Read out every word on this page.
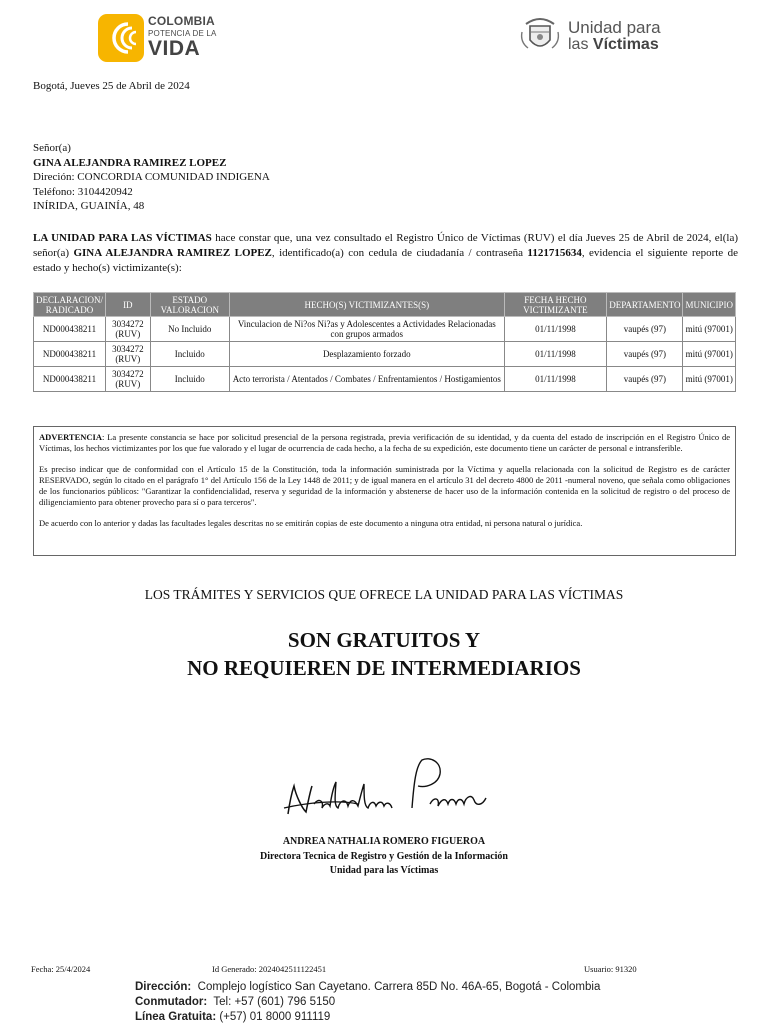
COLOMBIA
POTENCIA DE LA
VIDA
Unidad para
las Víctimas
Bogotá, Jueves 25 de Abril de 2024
Señor(a)
GINA ALEJANDRA RAMIREZ LOPEZ
Direción: CONCORDIA COMUNIDAD INDIGENA
Teléfono: 3104420942
INÍRIDA, GUAINÍA, 48
LA UNIDAD PARA LAS VÍCTIMAS hace constar que, una vez consultado el Registro Único de Víctimas (RUV) el día Jueves 25 de Abril de 2024, el(la) señor(a) GINA ALEJANDRA RAMIREZ LOPEZ, identificado(a) con cedula de ciudadanía / contraseña 1121715634, evidencia el siguiente reporte de estado y hecho(s) victimizante(s):
DECLARACION/ RADICADO	ID	ESTADO VALORACION	HECHO(S) VICTIMIZANTES(S)	FECHA HECHO VICTIMIZANTE	DEPARTAMENTO	MUNICIPIO
ND000438211	3034272 (RUV)	No Incluido	Vinculacion de Ni?os Ni?as y Adolescentes a Actividades Relacionadas con grupos armados	01/11/1998	vaupés (97)	mitú (97001)
ND000438211	3034272 (RUV)	Incluido	Desplazamiento forzado	01/11/1998	vaupés (97)	mitú (97001)
ND000438211	3034272 (RUV)	Incluido	Acto terrorista / Atentados / Combates / Enfrentamientos / Hostigamientos	01/11/1998	vaupés (97)	mitú (97001)

ADVERTENCIA: La presente constancia se hace por solicitud presencial de la persona registrada, previa verificación de su identidad, y da cuenta del estado de inscripción en el Registro Único de Víctimas, los hechos victimizantes por los que fue valorado y el lugar de ocurrencia de cada hecho, a la fecha de su expedición, este documento tiene un carácter de personal e intransferible.

Es preciso indicar que de conformidad con el Artículo 15 de la Constitución, toda la información suministrada por la Víctima y aquella relacionada con la solicitud de Registro es de carácter RESERVADO, según lo citado en el parágrafo 1° del Artículo 156 de la Ley 1448 de 2011; y de igual manera en el artículo 31 del decreto 4800 de 2011 -numeral noveno, que señala como obligaciones de los funcionarios públicos: "Garantizar la confidencialidad, reserva y seguridad de la información y abstenerse de hacer uso de la información contenida en la solicitud de registro o del proceso de diligenciamiento para obtener provecho para sí o para terceros".

De acuerdo con lo anterior y dadas las facultades legales descritas no se emitirán copias de este documento a ninguna otra entidad, ni persona natural o jurídica.

LOS TRÁMITES Y SERVICIOS QUE OFRECE LA UNIDAD PARA LAS VÍCTIMAS
SON GRATUITOS Y
NO REQUIEREN DE INTERMEDIARIOS
ANDREA NATHALIA ROMERO FIGUEROA
Directora Tecnica de Registro y Gestión de la Información
Unidad para las Víctimas
Fecha: 25/4/2024	Id Generado: 2024042511122451	Usuario: 91320
Dirección: Complejo logístico San Cayetano. Carrera 85D No. 46A-65, Bogotá - Colombia
Conmutador: Tel: +57 (601) 796 5150
Línea Gratuita: (+57) 01 8000 911119
